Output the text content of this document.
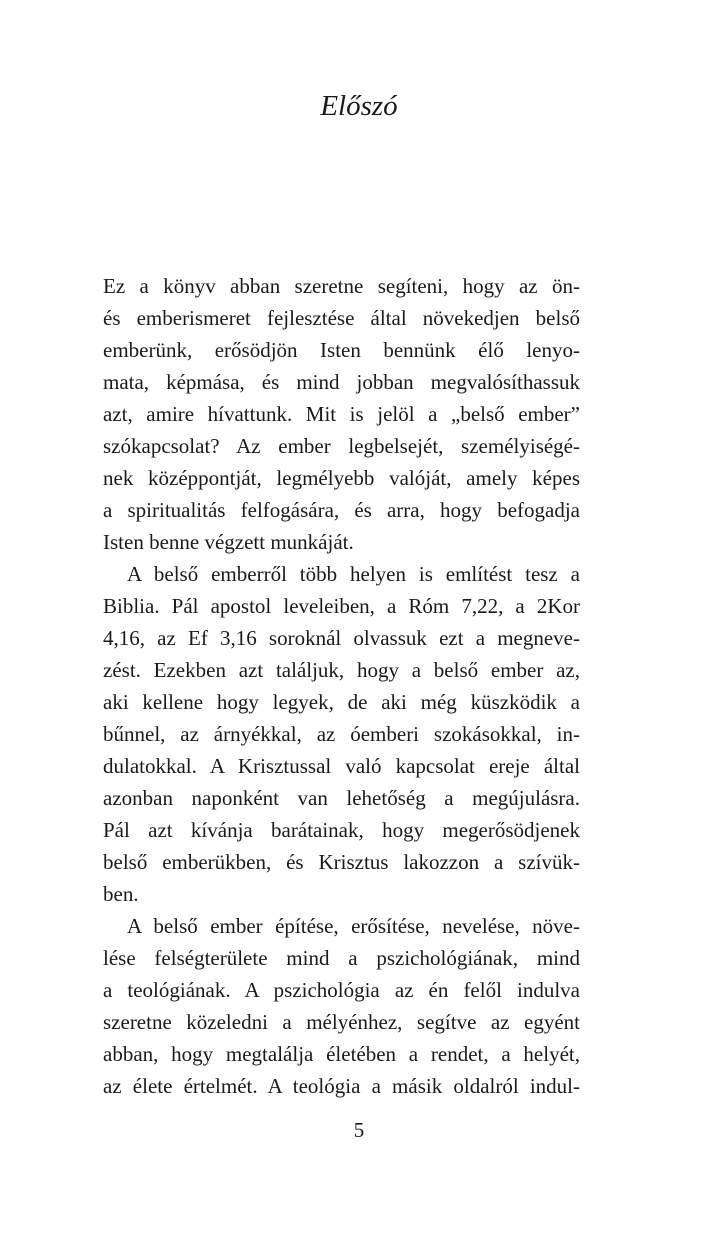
Előszó
Ez a könyv abban szeretne segíteni, hogy az ön-
és emberismeret fejlesztése által növekedjen belső
emberünk, erősödjön Isten bennünk élő lenyo-
mata, képmása, és mind jobban megvalósíthassuk
azt, amire hívattunk. Mit is jelöl a „belső ember”
szókapcsolat? Az ember legbelsejét, személyiségé-
nek középpontját, legmélyebb valóját, amely képes
a spiritualitás felfogására, és arra, hogy befogadja
Isten benne végzett munkáját.
A belső emberről több helyen is említést tesz a
Biblia. Pál apostol leveleiben, a Róm 7,22, a 2Kor
4,16, az Ef 3,16 soroknál olvassuk ezt a megneve-
zést. Ezekben azt találjuk, hogy a belső ember az,
aki kellene hogy legyek, de aki még küszködik a
bűnnel, az árnyékkal, az óemberi szokásokkal, in-
dulatokkal. A Krisztussal való kapcsolat ereje által
azonban naponként van lehetőség a megújulásra.
Pál azt kívánja barátainak, hogy megerősödjenek
belső emberükben, és Krisztus lakozzon a szívük-
ben.
A belső ember építése, erősítése, nevelése, növe-
lése felségterülete mind a pszichológiának, mind
a teológiának. A pszichológia az én felől indulva
szeretne közeledni a mélyénhez, segítve az egyént
abban, hogy megtalálja életében a rendet, a helyét,
az élete értelmét. A teológia a másik oldalról indul-
5
